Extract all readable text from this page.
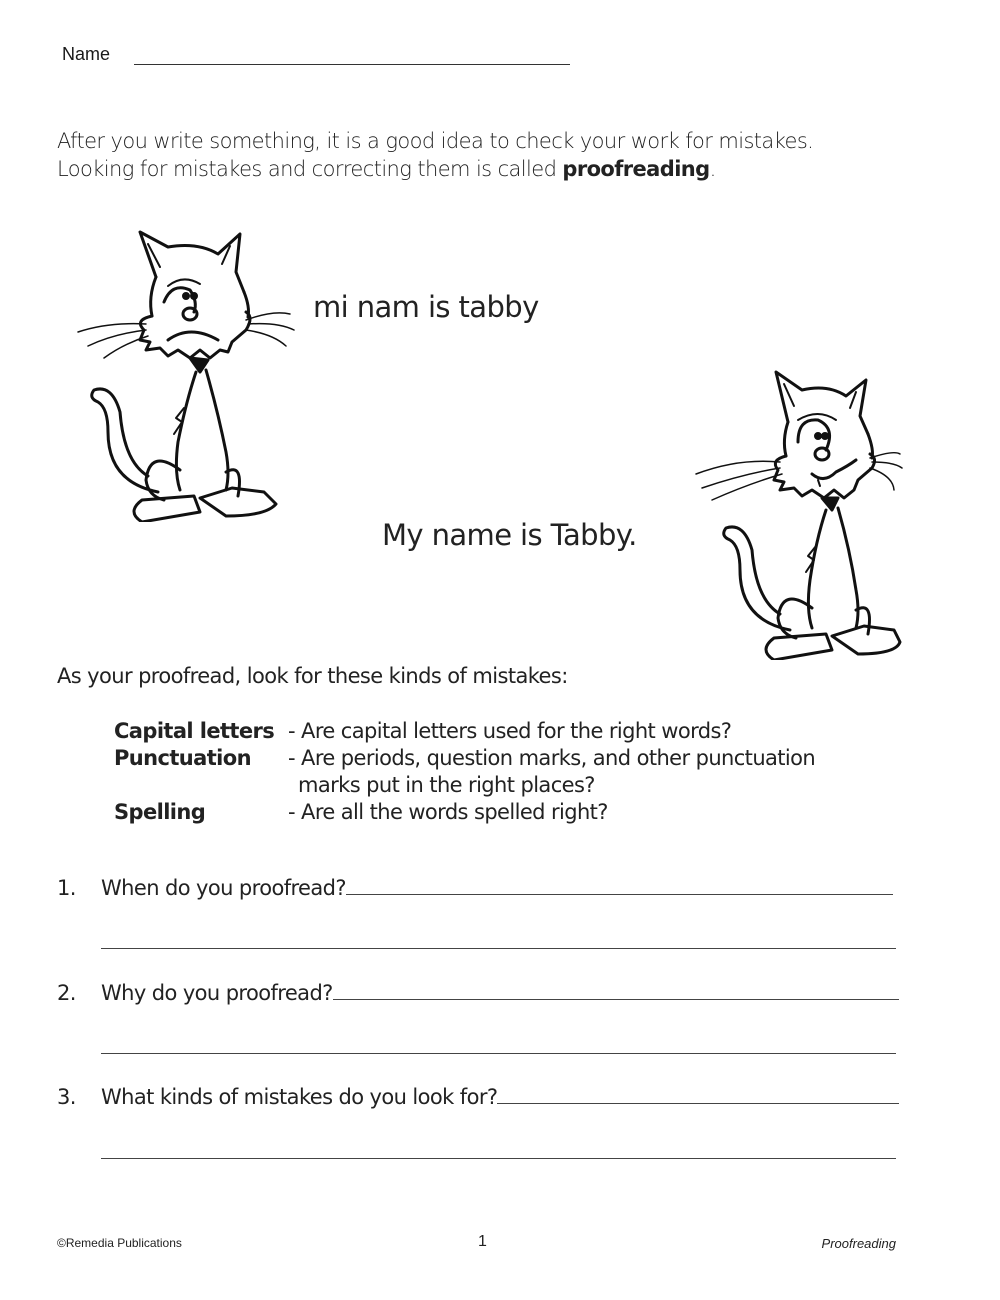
Name
After you write something, it is a good idea to check your work for mistakes.
Looking for mistakes and correcting them is called proofreading.
mi nam is tabby
My name is Tabby.
As your proofread, look for these kinds of mistakes:
Capital letters - Are capital letters used for the right words?
Punctuation	- Are periods, question marks, and other punctuation
marks put in the right places?
Spelling	- Are all the words spelled right?
1.	When do you proofread?
2.	Why do you proofread?
3.	What kinds of mistakes do you look for?
©Remedia Publications	1	Proofreading
